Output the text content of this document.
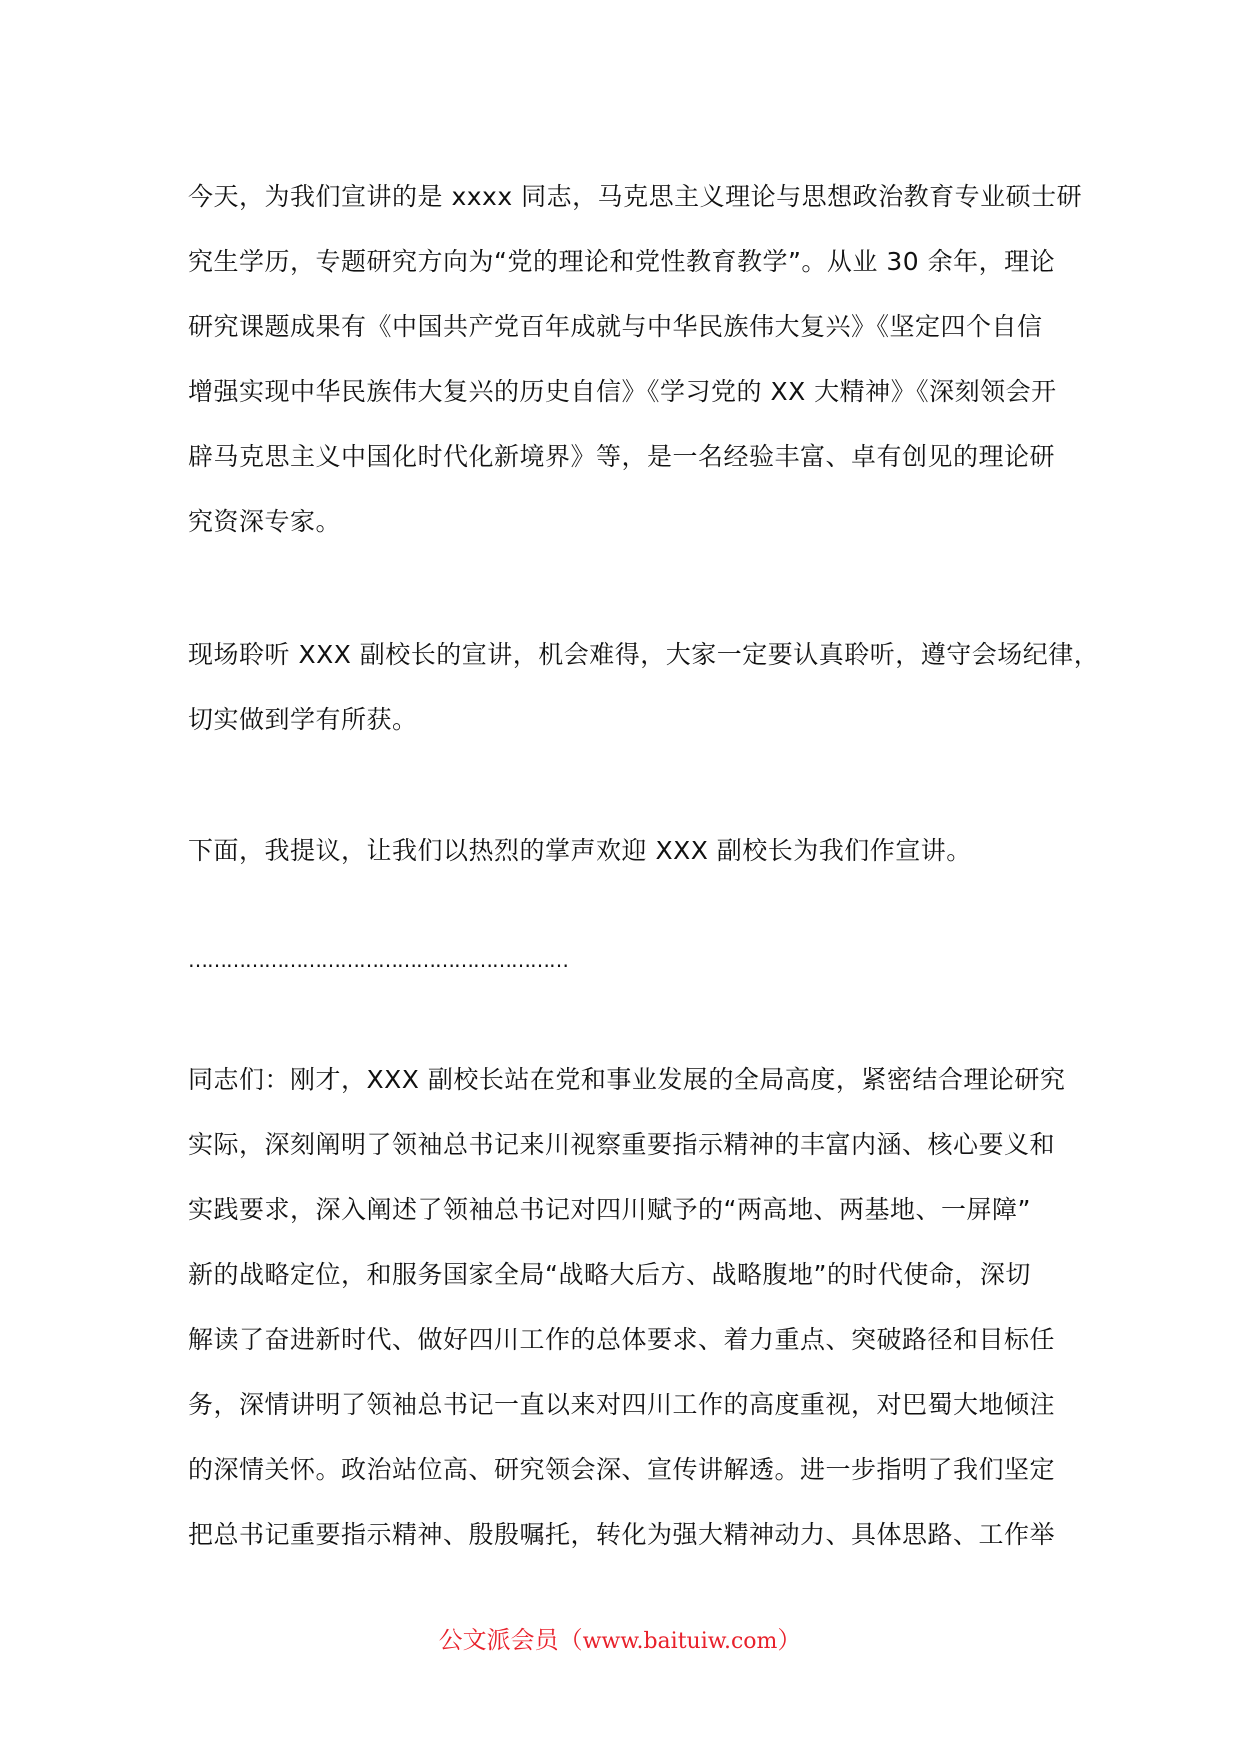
今天，为我们宣讲的是 xxxx 同志，马克思主义理论与思想政治教育专业硕士研
究生学历，专题研究方向为“党的理论和党性教育教学”。从业 30 余年，理论
研究课题成果有《中国共产党百年成就与中华民族伟大复兴》《坚定四个自信
增强实现中华民族伟大复兴的历史自信》《学习党的 XX 大精神》《深刻领会开
辟马克思主义中国化时代化新境界》等，是一名经验丰富、卓有创见的理论研
究资深专家。

现场聆听 XXX 副校长的宣讲，机会难得，大家一定要认真聆听，遵守会场纪律，
切实做到学有所获。

下面，我提议，让我们以热烈的掌声欢迎 XXX 副校长为我们作宣讲。

……………………………………………………

同志们：刚才，XXX 副校长站在党和事业发展的全局高度，紧密结合理论研究
实际，深刻阐明了领袖总书记来川视察重要指示精神的丰富内涵、核心要义和
实践要求，深入阐述了领袖总书记对四川赋予的“两高地、两基地、一屏障”
新的战略定位，和服务国家全局“战略大后方、战略腹地”的时代使命，深切
解读了奋进新时代、做好四川工作的总体要求、着力重点、突破路径和目标任
务，深情讲明了领袖总书记一直以来对四川工作的高度重视，对巴蜀大地倾注
的深情关怀。政治站位高、研究领会深、宣传讲解透。进一步指明了我们坚定
把总书记重要指示精神、殷殷嘱托，转化为强大精神动力、具体思路、工作举

公文派会员（www.baituiw.com）
